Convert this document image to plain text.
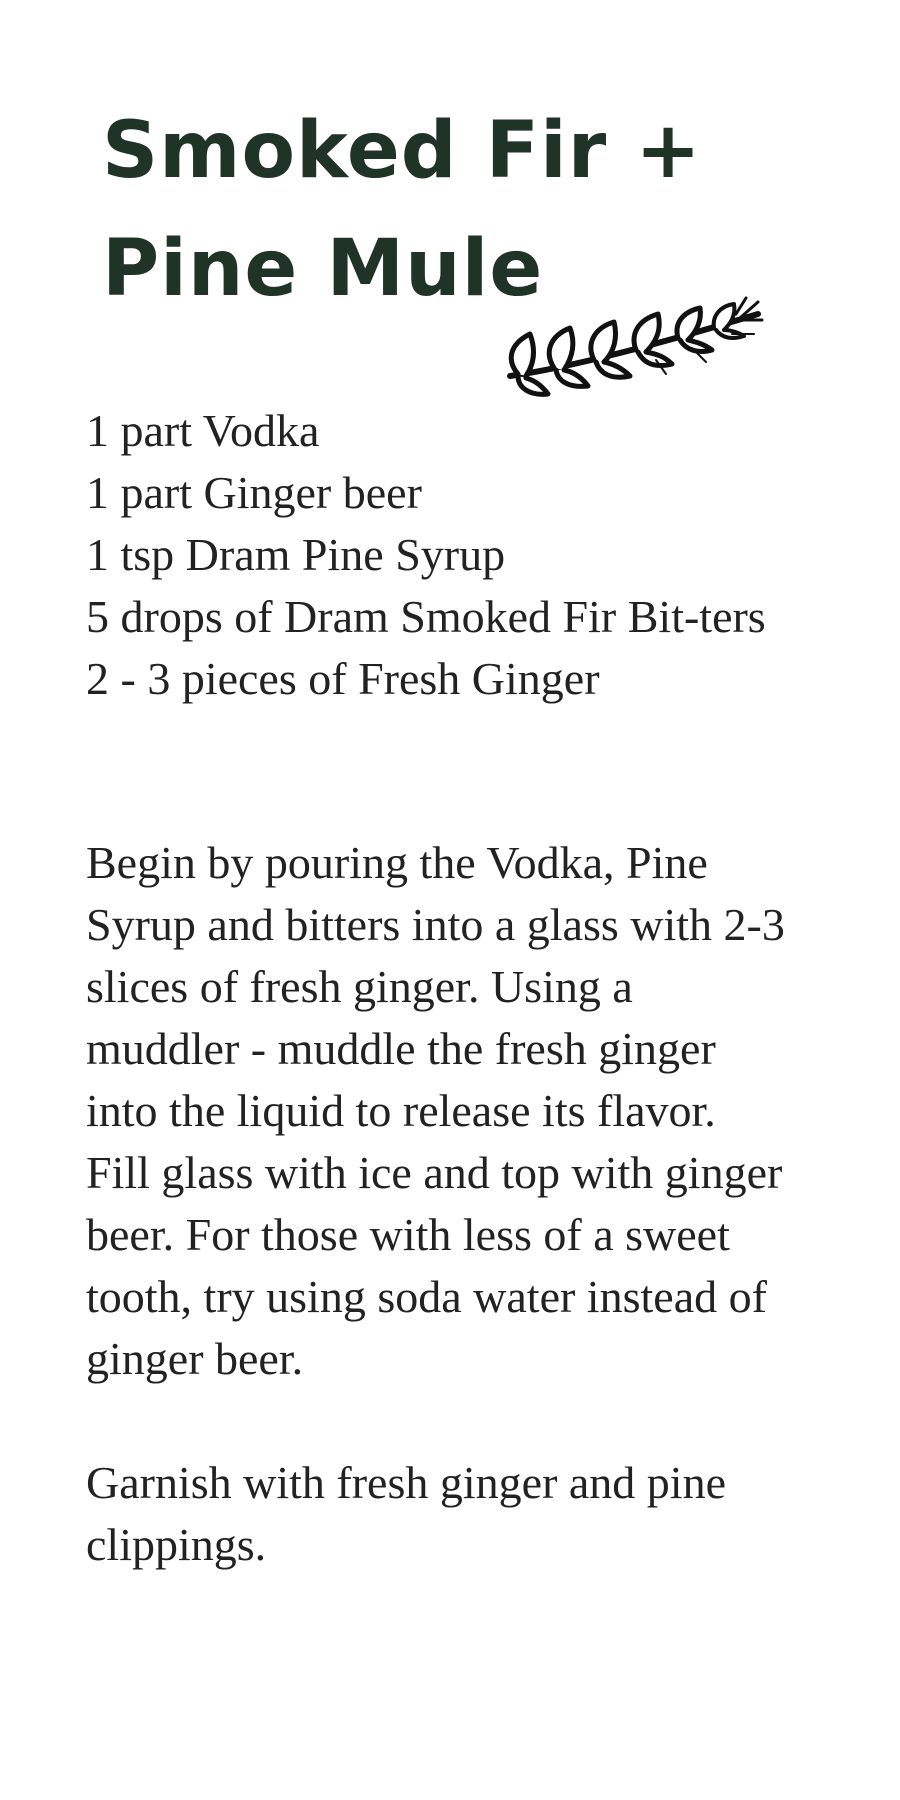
Smoked Fir +
Pine Mule
1 part Vodka
1 part Ginger beer
1 tsp Dram Pine Syrup
5 drops of Dram Smoked Fir Bit-ters
2 - 3 pieces of Fresh Ginger

Begin by pouring the Vodka, Pine Syrup and bitters into a glass with 2-3 slices of fresh ginger. Using a muddler - muddle the fresh ginger into the liquid to release its flavor. Fill glass with ice and top with ginger beer. For those with less of a sweet tooth, try using soda water instead of ginger beer.

Garnish with fresh ginger and pine clippings.
